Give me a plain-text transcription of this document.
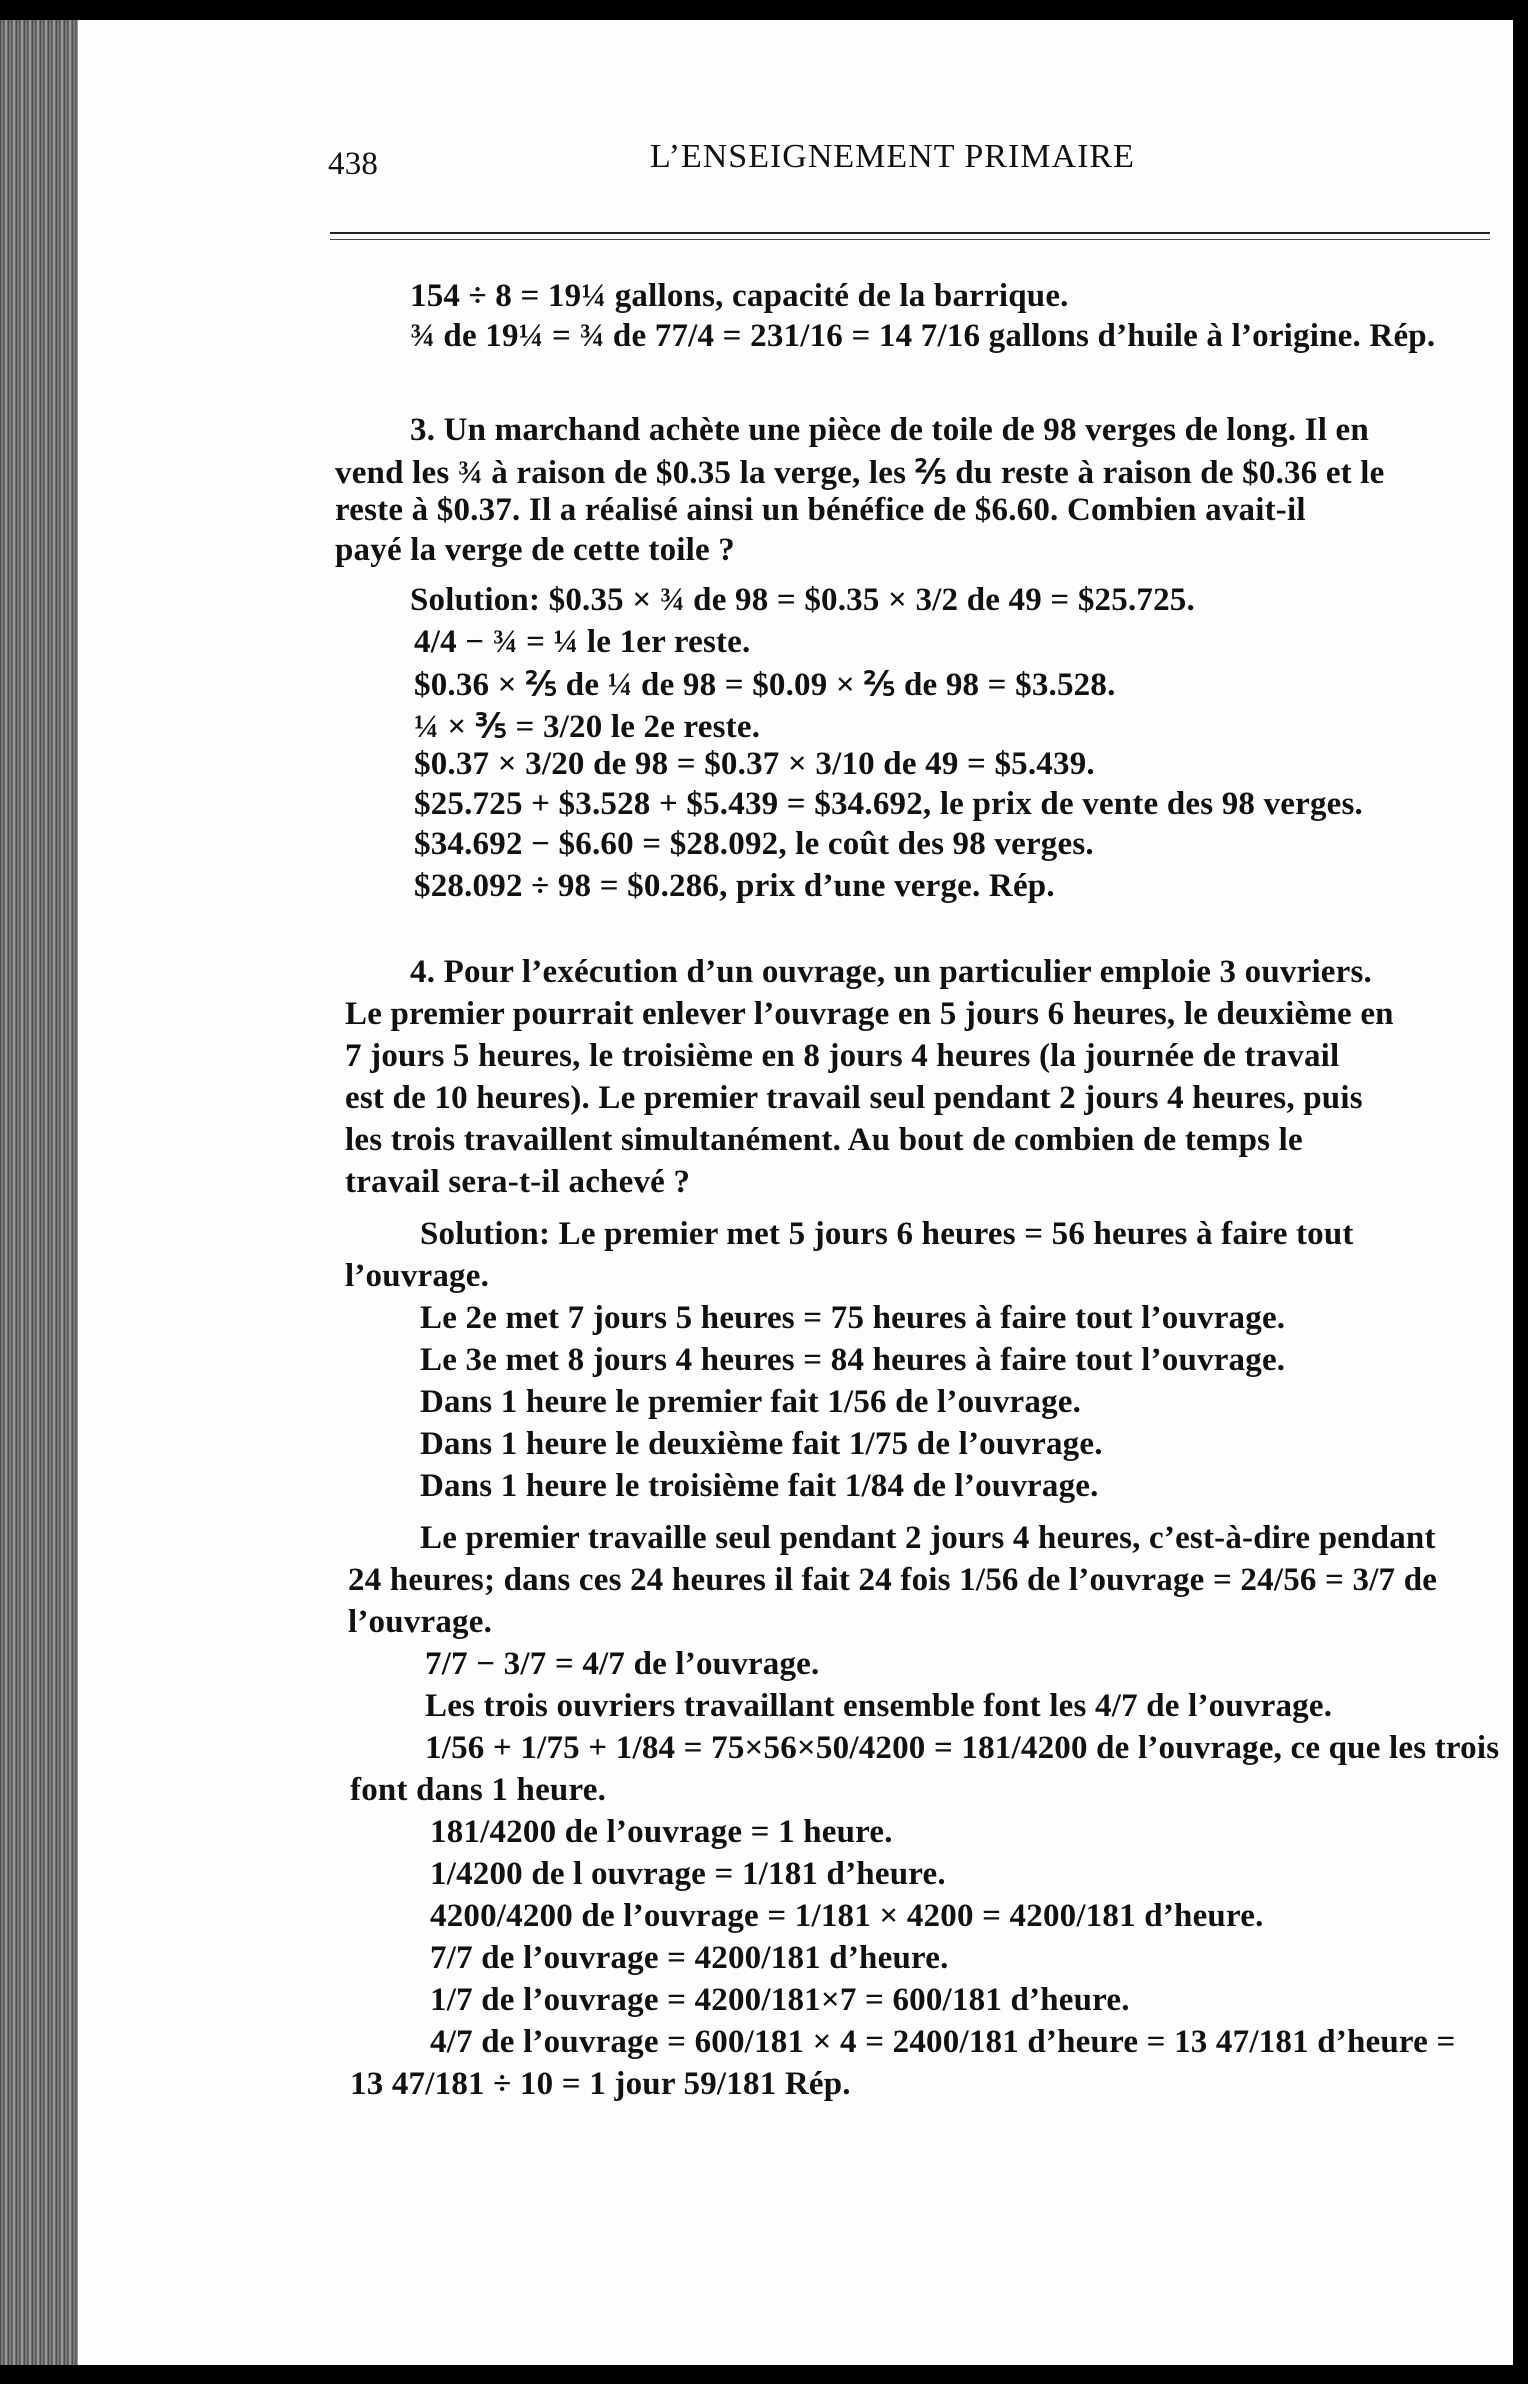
438	L’ENSEIGNEMENT PRIMAIRE
154 ÷ 8 = 19¼ gallons, capacité de la barrique.
¾ de 19¼ = ¾ de 77/4 = 231/16 = 14 7/16 gallons d’huile à l’origine. Rép.
3. Un marchand achète une pièce de toile de 98 verges de long. Il en
vend les ¾ à raison de $0.35 la verge, les ⅖ du reste à raison de $0.36 et le
reste à $0.37. Il a réalisé ainsi un bénéfice de $6.60. Combien avait-il
payé la verge de cette toile ?
Solution: $0.35 × ¾ de 98 = $0.35 × 3/2 de 49 = $25.725.
4/4 − ¾ = ¼ le 1er reste.
$0.36 × ⅖ de ¼ de 98 = $0.09 × ⅖ de 98 = $3.528.
¼ × ⅗ = 3/20 le 2e reste.
$0.37 × 3/20 de 98 = $0.37 × 3/10 de 49 = $5.439.
$25.725 + $3.528 + $5.439 = $34.692, le prix de vente des 98 verges.
$34.692 − $6.60 = $28.092, le coût des 98 verges.
$28.092 ÷ 98 = $0.286, prix d’une verge. Rép.
4. Pour l’exécution d’un ouvrage, un particulier emploie 3 ouvriers.
Le premier pourrait enlever l’ouvrage en 5 jours 6 heures, le deuxième en
7 jours 5 heures, le troisième en 8 jours 4 heures (la journée de travail
est de 10 heures). Le premier travail seul pendant 2 jours 4 heures, puis
les trois travaillent simultanément. Au bout de combien de temps le
travail sera-t-il achevé ?
Solution: Le premier met 5 jours 6 heures = 56 heures à faire tout
l’ouvrage.
Le 2e met 7 jours 5 heures = 75 heures à faire tout l’ouvrage.
Le 3e met 8 jours 4 heures = 84 heures à faire tout l’ouvrage.
Dans 1 heure le premier fait 1/56 de l’ouvrage.
Dans 1 heure le deuxième fait 1/75 de l’ouvrage.
Dans 1 heure le troisième fait 1/84 de l’ouvrage.
Le premier travaille seul pendant 2 jours 4 heures, c’est-à-dire pendant
24 heures; dans ces 24 heures il fait 24 fois 1/56 de l’ouvrage = 24/56 = 3/7 de
l’ouvrage.
7/7 − 3/7 = 4/7 de l’ouvrage.
Les trois ouvriers travaillant ensemble font les 4/7 de l’ouvrage.
1/56 + 1/75 + 1/84 = 75×56×50/4200 = 181/4200 de l’ouvrage, ce que les trois
font dans 1 heure.
181/4200 de l’ouvrage = 1 heure.
1/4200 de l ouvrage = 1/181 d’heure.
4200/4200 de l’ouvrage = 1/181 × 4200 = 4200/181 d’heure.
7/7 de l’ouvrage = 4200/181 d’heure.
1/7 de l’ouvrage = 4200/181×7 = 600/181 d’heure.
4/7 de l’ouvrage = 600/181 × 4 = 2400/181 d’heure = 13 47/181 d’heure =
13 47/181 ÷ 10 = 1 jour 59/181 Rép.
